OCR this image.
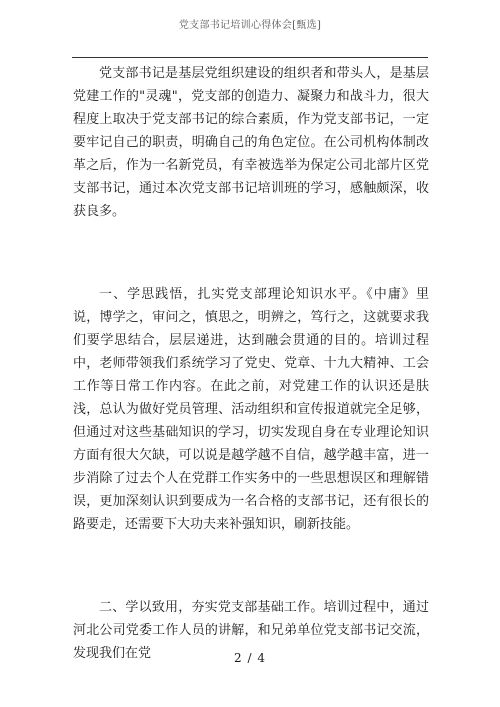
党支部书记培训心得体会[甄选]

党支部书记是基层党组织建设的组织者和带头人，是基层党建工作的"灵魂"，党支部的创造力、凝聚力和战斗力，很大程度上取决于党支部书记的综合素质，作为党支部书记，一定要牢记自己的职责，明确自己的角色定位。在公司机构体制改革之后，作为一名新党员，有幸被选举为保定公司北部片区党支部书记，通过本次党支部书记培训班的学习，感触颇深，收获良多。

一、学思践悟，扎实党支部理论知识水平。《中庸》里说，博学之，审问之，慎思之，明辨之，笃行之，这就要求我们要学思结合，层层递进，达到融会贯通的目的。培训过程中，老师带领我们系统学习了党史、党章、十九大精神、工会工作等日常工作内容。在此之前，对党建工作的认识还是肤浅，总认为做好党员管理、活动组织和宣传报道就完全足够，但通过对这些基础知识的学习，切实发现自身在专业理论知识方面有很大欠缺，可以说是越学越不自信，越学越丰富，进一步消除了过去个人在党群工作实务中的一些思想误区和理解错误，更加深刻认识到要成为一名合格的支部书记，还有很长的路要走，还需要下大功夫来补强知识，刷新技能。

二、学以致用，夯实党支部基础工作。培训过程中，通过河北公司党委工作人员的讲解，和兄弟单位党支部书记交流，发现我们在党	2 / 4
